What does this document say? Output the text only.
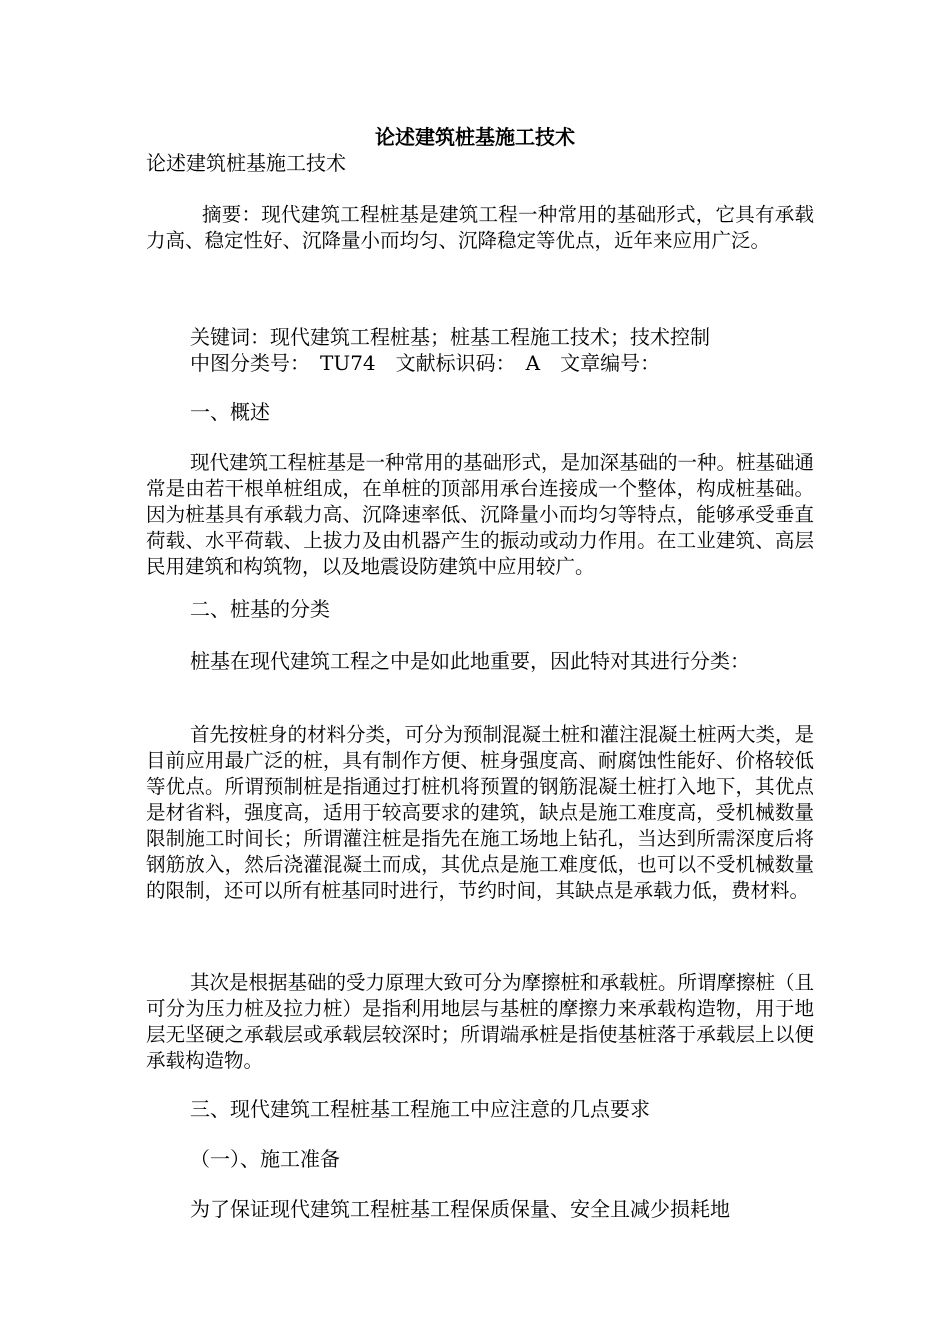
论述建筑桩基施工技术
论述建筑桩基施工技术
摘要：现代建筑工程桩基是建筑工程一种常用的基础形式，它具有承载力高、稳定性好、沉降量小而均匀、沉降稳定等优点，近年来应用广泛。
关键词：现代建筑工程桩基；桩基工程施工技术；技术控制
中图分类号：　TU74　文献标识码：　A　文章编号：
一、概述
现代建筑工程桩基是一种常用的基础形式，是加深基础的一种。桩基础通常是由若干根单桩组成，在单桩的顶部用承台连接成一个整体，构成桩基础。因为桩基具有承载力高、沉降速率低、沉降量小而均匀等特点，能够承受垂直荷载、水平荷载、上拔力及由机器产生的振动或动力作用。在工业建筑、高层民用建筑和构筑物，以及地震设防建筑中应用较广。
二、桩基的分类
桩基在现代建筑工程之中是如此地重要，因此特对其进行分类：
首先按桩身的材料分类，可分为预制混凝土桩和灌注混凝土桩两大类，是目前应用最广泛的桩，具有制作方便、桩身强度高、耐腐蚀性能好、价格较低等优点。所谓预制桩是指通过打桩机将预置的钢筋混凝土桩打入地下，其优点是材省料，强度高，适用于较高要求的建筑，缺点是施工难度高，受机械数量限制施工时间长；所谓灌注桩是指先在施工场地上钻孔，当达到所需深度后将钢筋放入，然后浇灌混凝土而成，其优点是施工难度低，也可以不受机械数量的限制，还可以所有桩基同时进行，节约时间，其缺点是承载力低，费材料。
其次是根据基础的受力原理大致可分为摩擦桩和承载桩。所谓摩擦桩（且可分为压力桩及拉力桩）是指利用地层与基桩的摩擦力来承载构造物，用于地层无坚硬之承载层或承载层较深时；所谓端承桩是指使基桩落于承载层上以便承载构造物。
三、现代建筑工程桩基工程施工中应注意的几点要求
（一）、施工准备
为了保证现代建筑工程桩基工程保质保量、安全且减少损耗地
